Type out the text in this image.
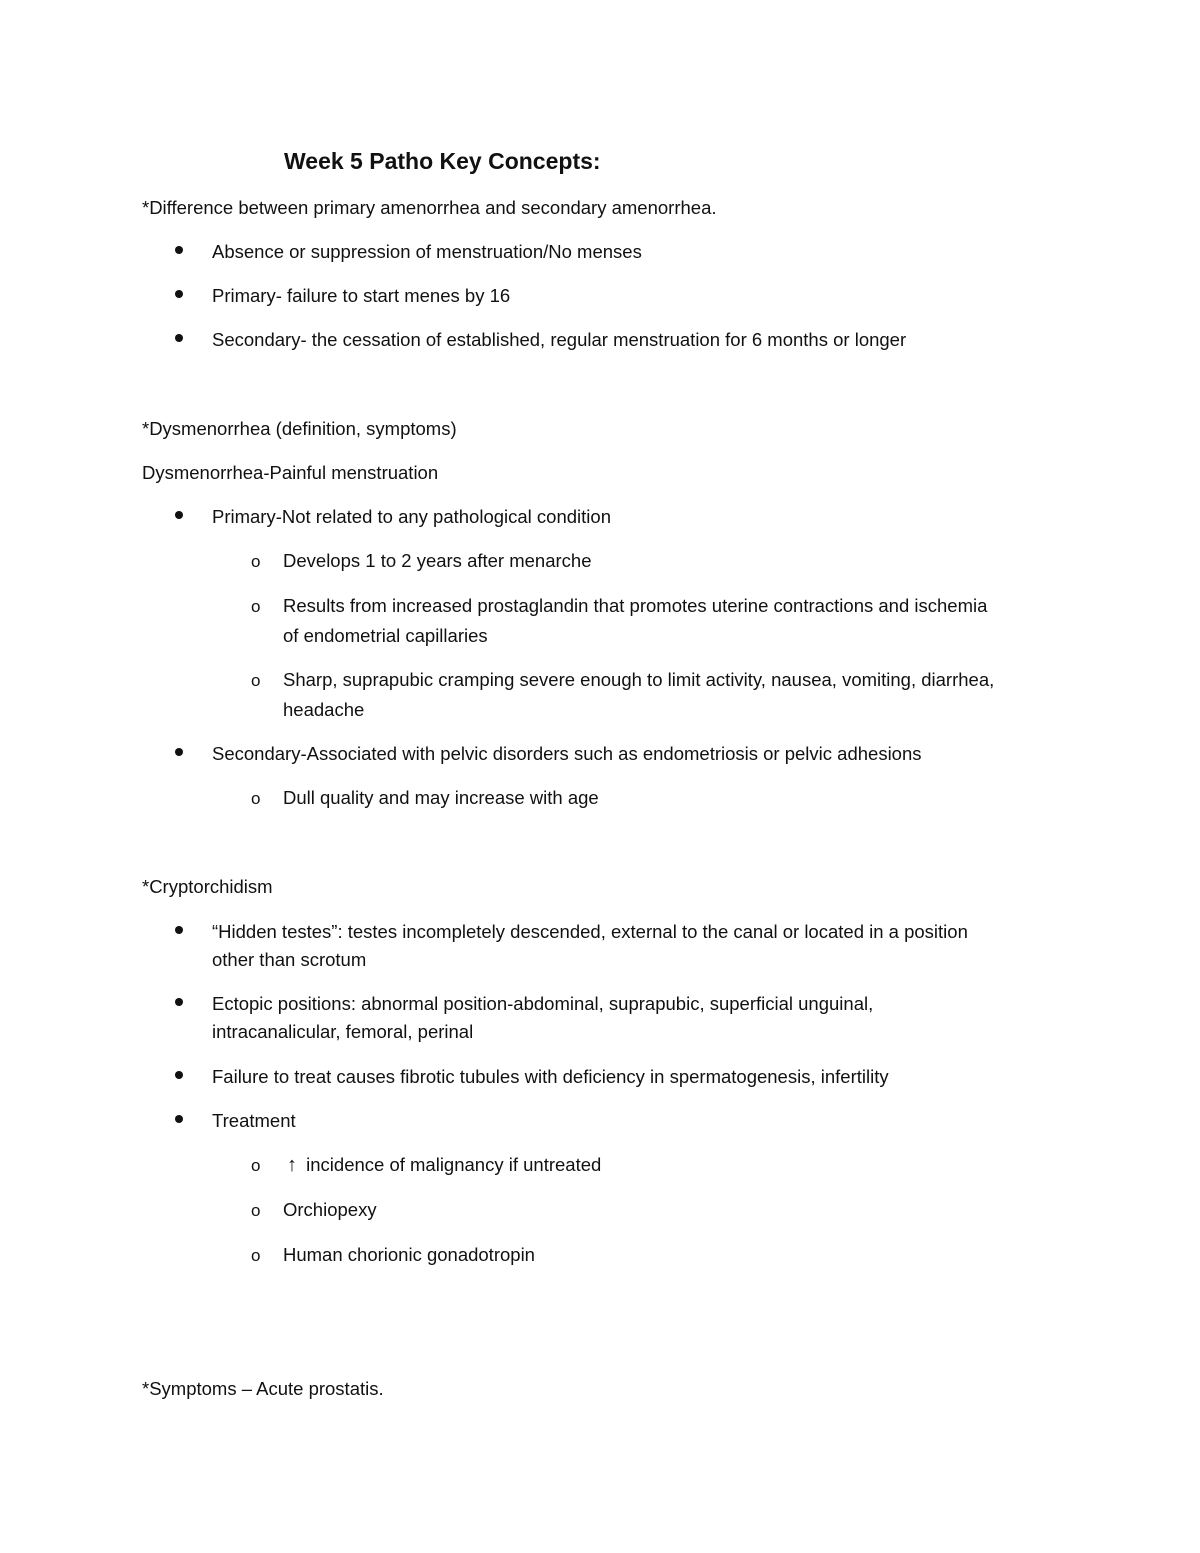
Week 5 Patho Key Concepts:
*Difference between primary amenorrhea and secondary amenorrhea.
Absence or suppression of menstruation/No menses
Primary- failure to start menes by 16
Secondary- the cessation of established, regular menstruation for 6 months or longer
*Dysmenorrhea (definition, symptoms)
Dysmenorrhea-Painful menstruation
Primary-Not related to any pathological condition
o Develops 1 to 2 years after menarche
o Results from increased prostaglandin that promotes uterine contractions and ischemia
of endometrial capillaries
o Sharp, suprapubic cramping severe enough to limit activity, nausea, vomiting, diarrhea,
headache
Secondary-Associated with pelvic disorders such as endometriosis or pelvic adhesions
o Dull quality and may increase with age
*Cryptorchidism
“Hidden testes”: testes incompletely descended, external to the canal or located in a position
other than scrotum
Ectopic positions: abnormal position-abdominal, suprapubic, superficial unguinal,
intracanalicular, femoral, perinal
Failure to treat causes fibrotic tubules with deficiency in spermatogenesis, infertility
Treatment
o ↑ incidence of malignancy if untreated
o Orchiopexy
o Human chorionic gonadotropin
*Symptoms – Acute prostatis.
